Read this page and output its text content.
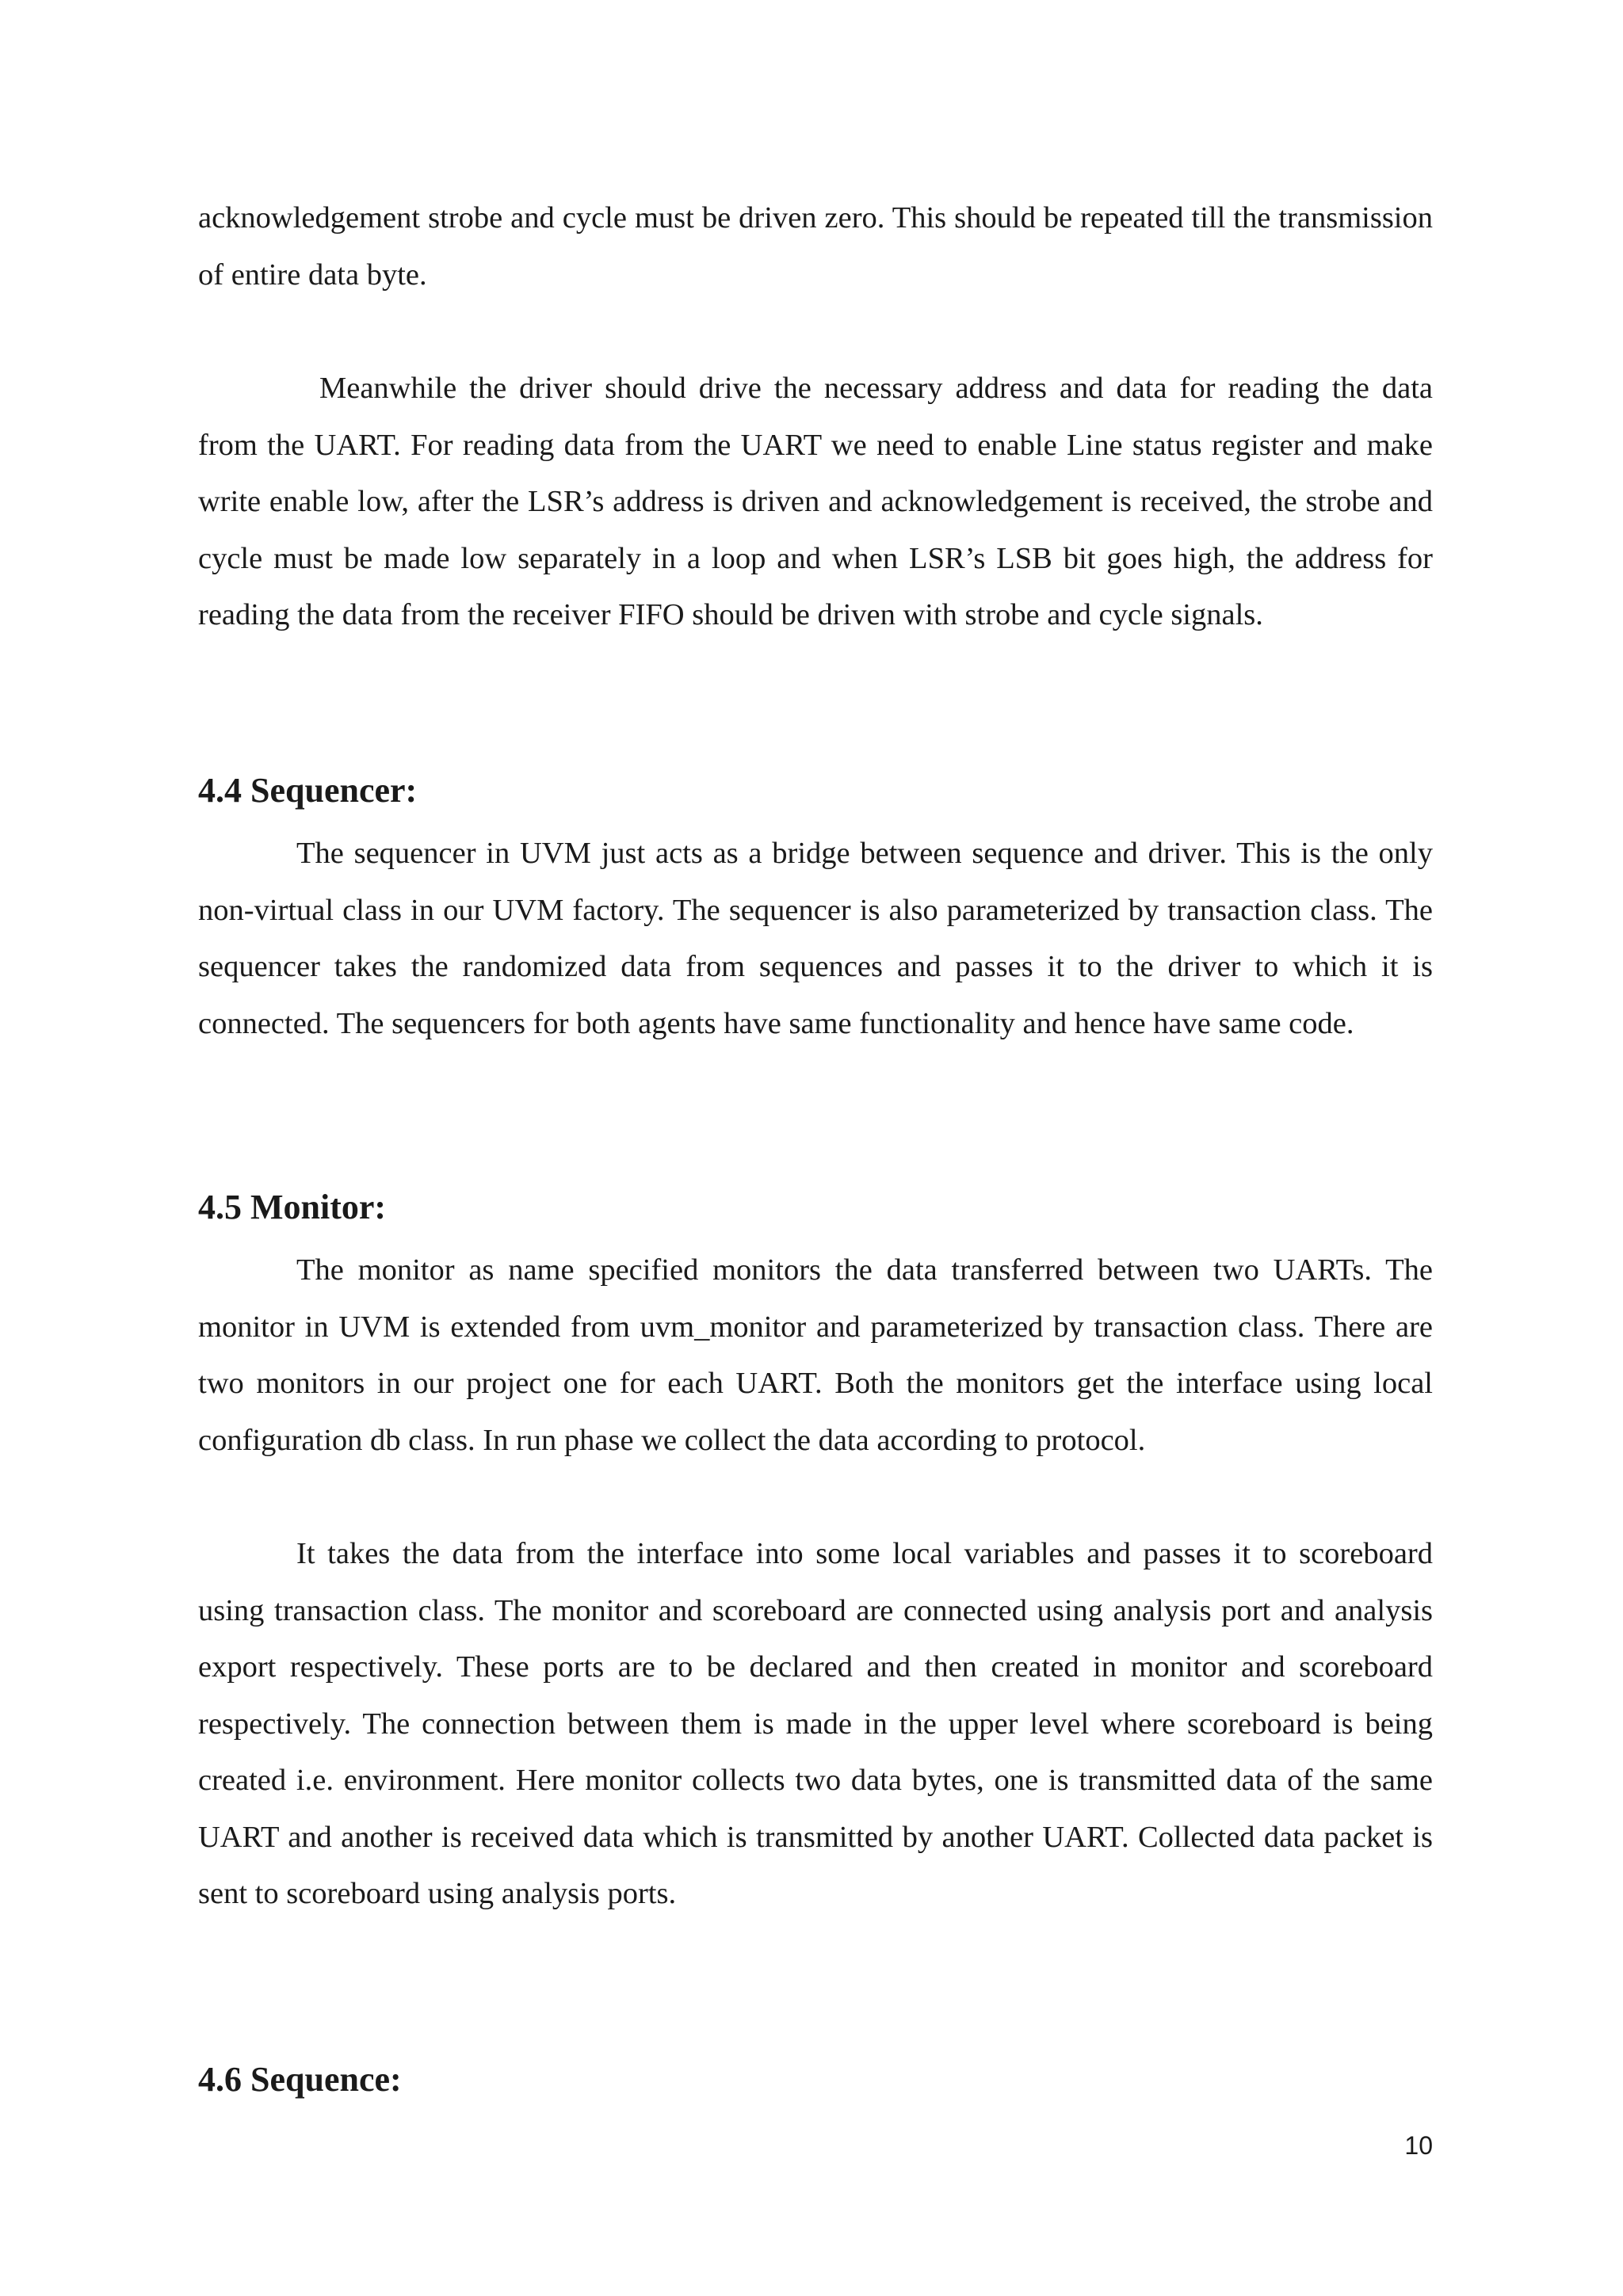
acknowledgement strobe and cycle must be driven zero. This should be repeated till the transmission of entire data byte.

Meanwhile the driver should drive the necessary address and data for reading the data from the UART. For reading data from the UART we need to enable Line status register and make write enable low, after the LSR’s address is driven and acknowledgement is received, the strobe and cycle must be made low separately in a loop and when LSR’s LSB bit goes high, the address for reading the data from the receiver FIFO should be driven with strobe and cycle signals.

4.4 Sequencer:

The sequencer in UVM just acts as a bridge between sequence and driver. This is the only non-virtual class in our UVM factory. The sequencer is also parameterized by transaction class. The sequencer takes the randomized data from sequences and passes it to the driver to which it is connected. The sequencers for both agents have same functionality and hence have same code.

4.5 Monitor:

The monitor as name specified monitors the data transferred between two UARTs. The monitor in UVM is extended from uvm_monitor and parameterized by transaction class. There are two monitors in our project one for each UART. Both the monitors get the interface using local configuration db class. In run phase we collect the data according to protocol.

It takes the data from the interface into some local variables and passes it to scoreboard using transaction class. The monitor and scoreboard are connected using analysis port and analysis export respectively. These ports are to be declared and then created in monitor and scoreboard respectively. The connection between them is made in the upper level where scoreboard is being created i.e. environment. Here monitor collects two data bytes, one is transmitted data of the same UART and another is received data which is transmitted by another UART. Collected data packet is sent to scoreboard using analysis ports.

4.6 Sequence:

10
